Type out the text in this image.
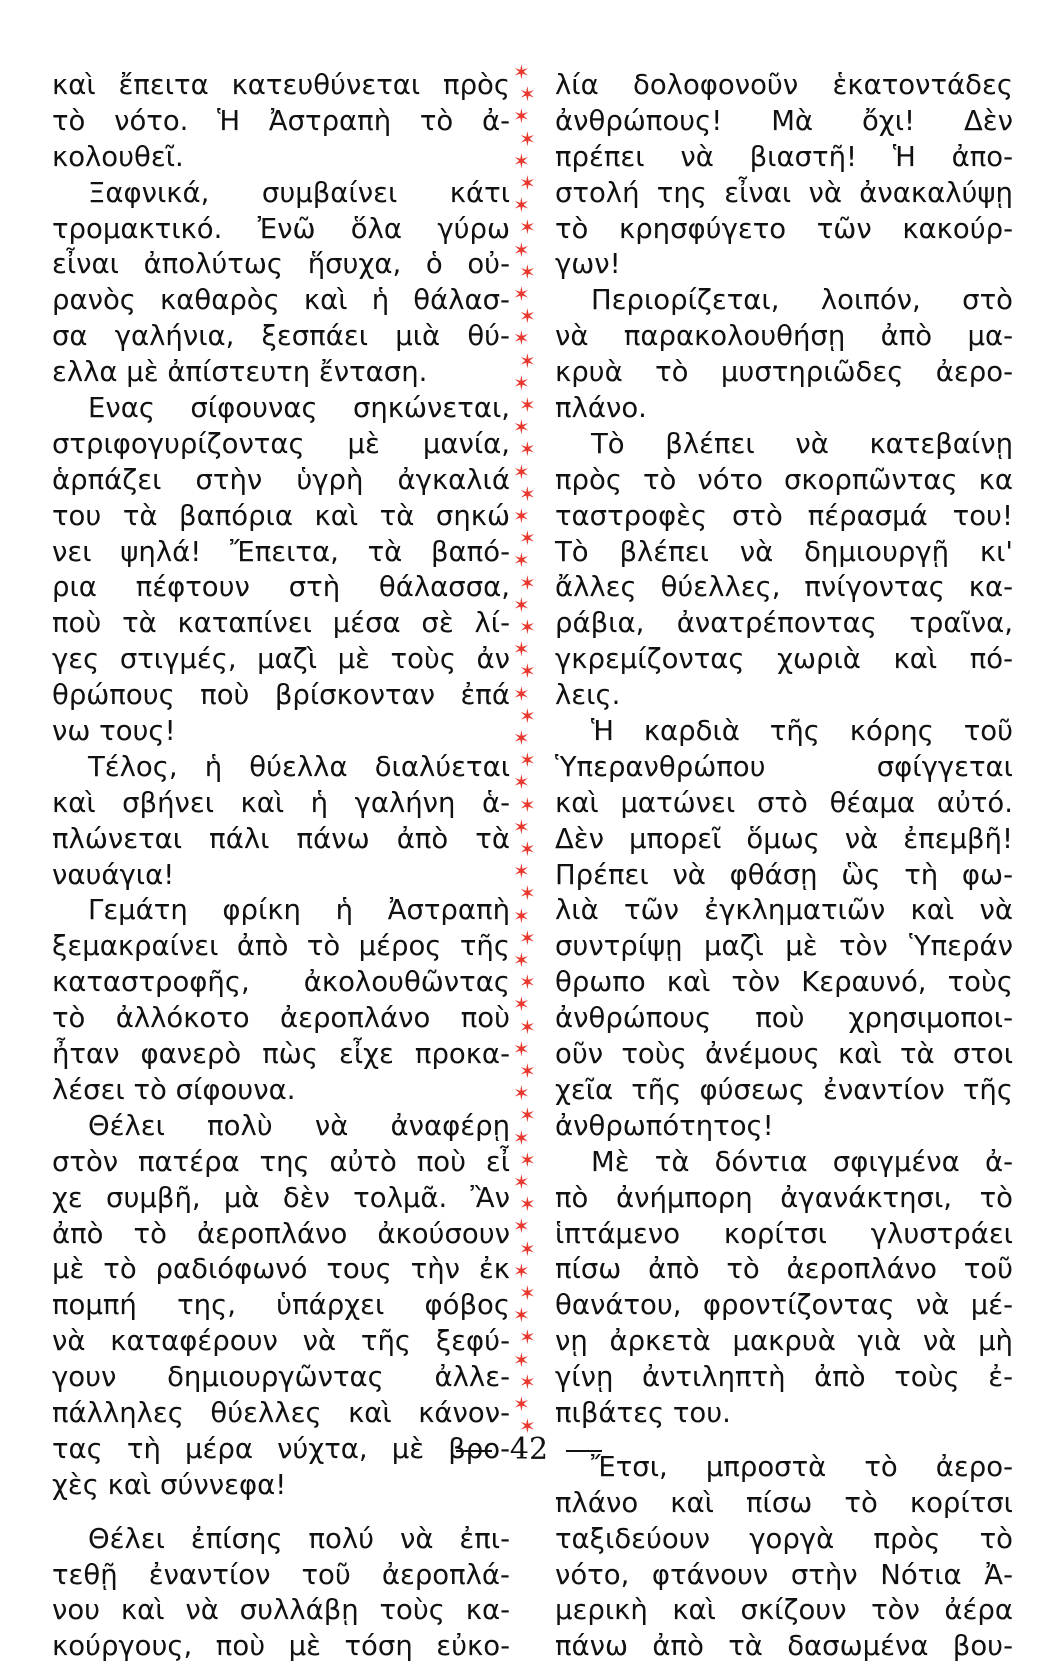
καὶ ἔπειτα κατευθύνεται πρὸς
τὸ νότο. Ἡ Ἀστραπὴ τὸ ἀ-
κολουθεῖ.
Ξαφνικά, συμβαίνει κάτι
τρομακτικό. Ἐνῶ ὅλα γύρω
εἶναι ἀπολύτως ἥσυχα, ὁ οὐ-
ρανὸς καθαρὸς καὶ ἡ θάλασ-
σα γαλήνια, ξεσπάει μιὰ θύ-
ελλα μὲ ἀπίστευτη ἔνταση.
Ενας σίφουνας σηκώνεται,
στριφογυρίζοντας μὲ μανία,
ἁρπάζει στὴν ὑγρὴ ἀγκαλιά
του τὰ βαπόρια καὶ τὰ σηκώ
νει ψηλά! Ἔπειτα, τὰ βαπό-
ρια πέφτουν στὴ θάλασσα,
ποὺ τὰ καταπίνει μέσα σὲ λί-
γες στιγμές, μαζὶ μὲ τοὺς ἀν
θρώπους ποὺ βρίσκονταν ἐπά
νω τους!
Τέλος, ἡ θύελλα διαλύεται
καὶ σβήνει καὶ ἡ γαλήνη ἁ-
πλώνεται πάλι πάνω ἀπὸ τὰ
ναυάγια!
Γεμάτη φρίκη ἡ Ἀστραπὴ
ξεμακραίνει ἀπὸ τὸ μέρος τῆς
καταστροφῆς, ἀκολουθῶντας
τὸ ἀλλόκοτο ἀεροπλάνο ποὺ
ἦταν φανερὸ πὼς εἶχε προκα-
λέσει τὸ σίφουνα.
Θέλει πολὺ νὰ ἀναφέρῃ
στὸν πατέρα της αὐτὸ ποὺ εἶ
χε συμβῆ, μὰ δὲν τολμᾶ. Ἂν
ἀπὸ τὸ ἀεροπλάνο ἀκούσουν
μὲ τὸ ραδιόφωνό τους τὴν ἐκ
πομπή της, ὑπάρχει φόβος
νὰ καταφέρουν νὰ τῆς ξεφύ-
γουν δημιουργῶντας ἀλλε-
πάλληλες θύελλες καὶ κάνον-
τας τὴ μέρα νύχτα, μὲ βρο-
χὲς καὶ σύννεφα!
Θέλει ἐπίσης πολύ νὰ ἐπι-
τεθῇ ἐναντίον τοῦ ἀεροπλά-
νου καὶ νὰ συλλάβῃ τοὺς κα-
κούργους, ποὺ μὲ τόση εὐκο-
✶
✶
✶
✶
✶
✶
✶
✶
✶
✶
✶
✶
✶
✶
✶
✶
✶
✶
✶
✶
✶
✶
✶
✶
✶
✶
✶
✶
✶
✶
✶
✶
✶
✶
✶
✶
✶
✶
✶
✶
✶
✶
✶
✶
✶
✶
✶
✶
✶
✶
✶
✶
✶
✶
✶
✶
✶
✶
✶
✶
✶
✶
λία δολοφονοῦν ἑκατοντάδες
ἀνθρώπους! Μὰ ὄχι! Δὲν
πρέπει νὰ βιαστῆ! Ἡ ἀπο-
στολή της εἶναι νὰ ἀνακαλύψῃ
τὸ κρησφύγετο τῶν κακούρ-
γων!
Περιορίζεται, λοιπόν, στὸ
νὰ παρακολουθήσῃ ἀπὸ μα-
κρυὰ τὸ μυστηριῶδες ἀερο-
πλάνο.
Τὸ βλέπει νὰ κατεβαίνῃ
πρὸς τὸ νότο σκορπῶντας κα
ταστροφὲς στὸ πέρασμά του!
Τὸ βλέπει νὰ δημιουργῇ κι'
ἄλλες θύελλες, πνίγοντας κα-
ράβια, ἀνατρέποντας τραῖνα,
γκρεμίζοντας χωριὰ καὶ πό-
λεις.
Ἡ καρδιὰ τῆς κόρης τοῦ
Ὑπερανθρώπου σφίγγεται
καὶ ματώνει στὸ θέαμα αὐτό.
Δὲν μπορεῖ ὅμως νὰ ἐπεμβῆ!
Πρέπει νὰ φθάσῃ ὣς τὴ φω-
λιὰ τῶν ἐγκληματιῶν καὶ νὰ
συντρίψῃ μαζὶ μὲ τὸν Ὑπεράν
θρωπο καὶ τὸν Κεραυνό, τοὺς
ἀνθρώπους ποὺ χρησιμοποι-
οῦν τοὺς ἀνέμους καὶ τὰ στοι
χεῖα τῆς φύσεως ἐναντίον τῆς
ἀνθρωπότητος!
Μὲ τὰ δόντια σφιγμένα ἀ-
πὸ ἀνήμπορη ἀγανάκτησι, τὸ
ἱπτάμενο κορίτσι γλυστράει
πίσω ἀπὸ τὸ ἀεροπλάνο τοῦ
θανάτου, φροντίζοντας νὰ μέ-
νῃ ἀρκετὰ μακρυὰ γιὰ νὰ μὴ
γίνῃ ἀντιληπτὴ ἀπὸ τοὺς ἐ-
πιβάτες του.
Ἔτσι, μπροστὰ τὸ ἀερο-
πλάνο καὶ πίσω τὸ κορίτσι
ταξιδεύουν γοργὰ πρὸς τὸ
νότο, φτάνουν στὴν Νότια Ἀ-
μερικὴ καὶ σκίζουν τὸν ἀέρα
πάνω ἀπὸ τὰ δασωμένα βου-
42
